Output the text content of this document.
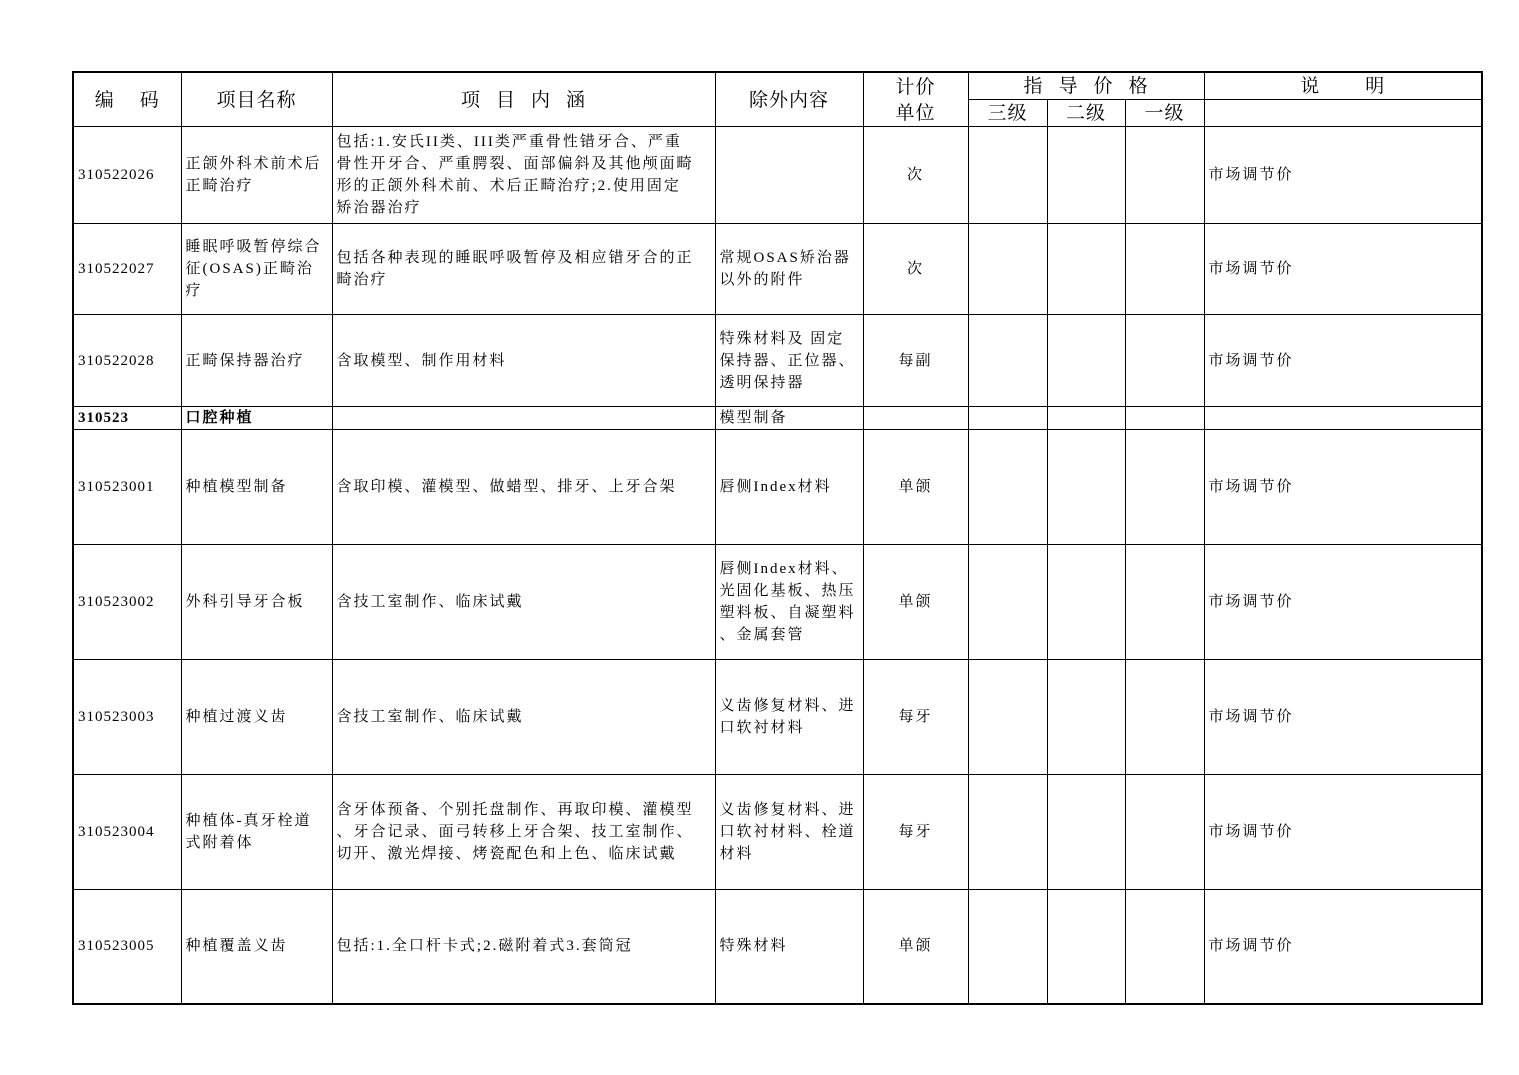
编 码	项目名称	项 目 内 涵	除外内容	计价单位	指 导 价 格			说 明
					三级	二级	一级	
310522026	正颌外科术前术后正畸治疗	包括:1.安氏II类、III类严重骨性错牙合、严重骨性开牙合、严重腭裂、面部偏斜及其他颅面畸形的正颌外科术前、术后正畸治疗;2.使用固定矫治器治疗		次				市场调节价
310522027	睡眠呼吸暂停综合征(OSAS)正畸治疗	包括各种表现的睡眠呼吸暂停及相应错牙合的正畸治疗	常规OSAS矫治器以外的附件	次				市场调节价
310522028	正畸保持器治疗	含取模型、制作用材料	特殊材料及 固定保持器、正位器、透明保持器	每副				市场调节价
310523	口腔种植		模型制备					
310523001	种植模型制备	含取印模、灌模型、做蜡型、排牙、上牙合架	唇侧Index材料	单颌				市场调节价
310523002	外科引导牙合板	含技工室制作、临床试戴	唇侧Index材料、光固化基板、热压塑料板、自凝塑料、金属套管	单颌				市场调节价
310523003	种植过渡义齿	含技工室制作、临床试戴	义齿修复材料、进口软衬材料	每牙				市场调节价
310523004	种植体-真牙栓道式附着体	含牙体预备、个别托盘制作、再取印模、灌模型、牙合记录、面弓转移上牙合架、技工室制作、切开、激光焊接、烤瓷配色和上色、临床试戴	义齿修复材料、进口软衬材料、栓道材料	每牙				市场调节价
310523005	种植覆盖义齿	包括:1.全口杆卡式;2.磁附着式3.套筒冠	特殊材料	单颌				市场调节价
